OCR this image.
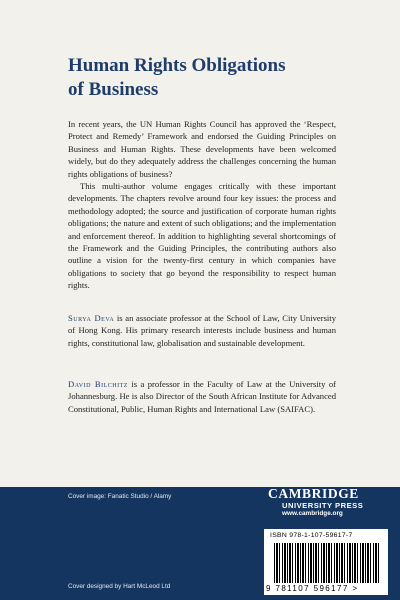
Human Rights Obligations
of Business

In recent years, the UN Human Rights Council has approved the ‘Respect, Protect and Remedy’ Framework and endorsed the Guiding Principles on Business and Human Rights. These developments have been welcomed widely, but do they adequately address the challenges concerning the human rights obligations of business?

This multi-author volume engages critically with these important developments. The chapters revolve around four key issues: the process and methodology adopted; the source and justification of corporate human rights obligations; the nature and extent of such obligations; and the implementation and enforcement thereof. In addition to highlighting several shortcomings of the Framework and the Guiding Principles, the contributing authors also outline a vision for the twenty-first century in which companies have obligations to society that go beyond the responsibility to respect human rights.

Surya Deva is an associate professor at the School of Law, City University of Hong Kong. His primary research interests include business and human rights, constitutional law, globalisation and sustainable development.

David Bilchitz is a professor in the Faculty of Law at the University of Johannesburg. He is also Director of the South African Institute for Advanced Constitutional, Public, Human Rights and International Law (SAIFAC).

Cover image: Fanatic Studio / Alamy	CAMBRIDGE
UNIVERSITY PRESS
www.cambridge.org
ISBN 978-1-107-59617-7
9 781107 596177 >
Cover designed by Hart McLeod Ltd
